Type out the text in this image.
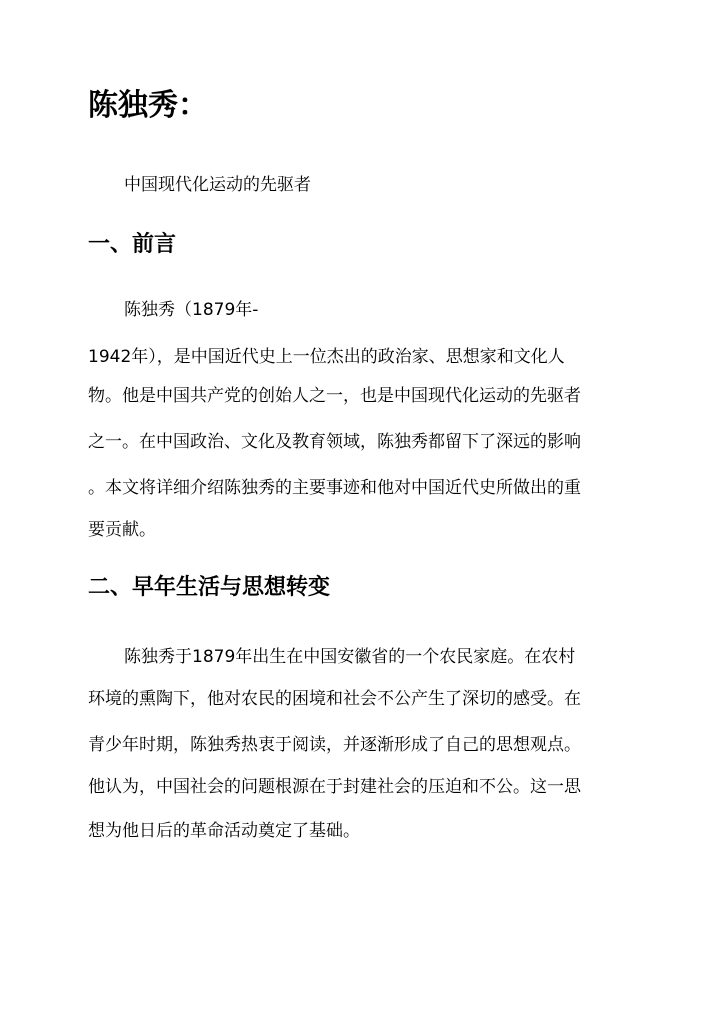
陈独秀：
中国现代化运动的先驱者
一、前言
陈独秀（1879年-
1942年），是中国近代史上一位杰出的政治家、思想家和文化人
物。他是中国共产党的创始人之一，也是中国现代化运动的先驱者
之一。在中国政治、文化及教育领域，陈独秀都留下了深远的影响
。本文将详细介绍陈独秀的主要事迹和他对中国近代史所做出的重
要贡献。
二、早年生活与思想转变
陈独秀于1879年出生在中国安徽省的一个农民家庭。在农村
环境的熏陶下，他对农民的困境和社会不公产生了深切的感受。在
青少年时期，陈独秀热衷于阅读，并逐渐形成了自己的思想观点。
他认为，中国社会的问题根源在于封建社会的压迫和不公。这一思
想为他日后的革命活动奠定了基础。
